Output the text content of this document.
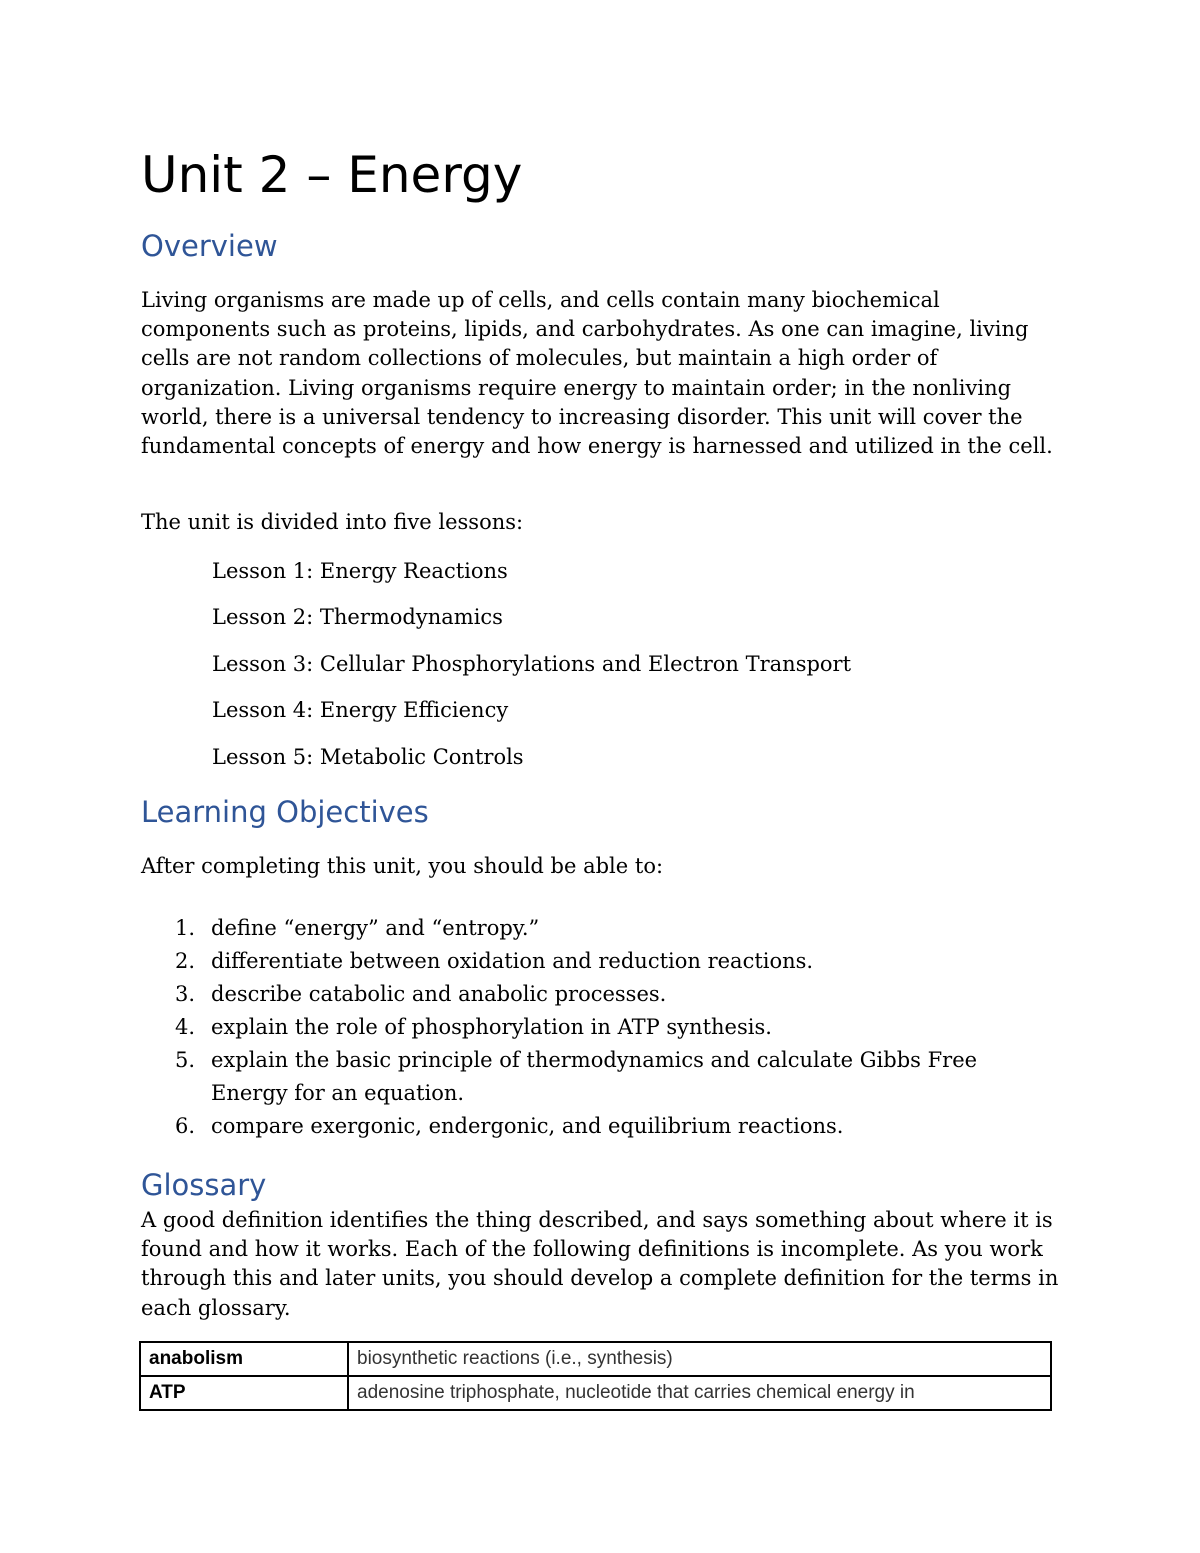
Unit 2 – Energy
Overview

Living organisms are made up of cells, and cells contain many biochemical components such as proteins, lipids, and carbohydrates. As one can imagine, living cells are not random collections of molecules, but maintain a high order of organization. Living organisms require energy to maintain order; in the nonliving world, there is a universal tendency to increasing disorder. This unit will cover the fundamental concepts of energy and how energy is harnessed and utilized in the cell.

The unit is divided into five lessons:

Lesson 1: Energy Reactions

Lesson 2: Thermodynamics

Lesson 3: Cellular Phosphorylations and Electron Transport

Lesson 4: Energy Efficiency

Lesson 5: Metabolic Controls

Learning Objectives

After completing this unit, you should be able to:

1. define “energy” and “entropy.”
2. differentiate between oxidation and reduction reactions.
3. describe catabolic and anabolic processes.
4. explain the role of phosphorylation in ATP synthesis.
5. explain the basic principle of thermodynamics and calculate Gibbs Free Energy for an equation.
6. compare exergonic, endergonic, and equilibrium reactions.
Glossary

A good definition identifies the thing described, and says something about where it is found and how it works. Each of the following definitions is incomplete. As you work through this and later units, you should develop a complete definition for the terms in each glossary.

anabolism	biosynthetic reactions (i.e., synthesis)
ATP	adenosine triphosphate, nucleotide that carries chemical energy in
